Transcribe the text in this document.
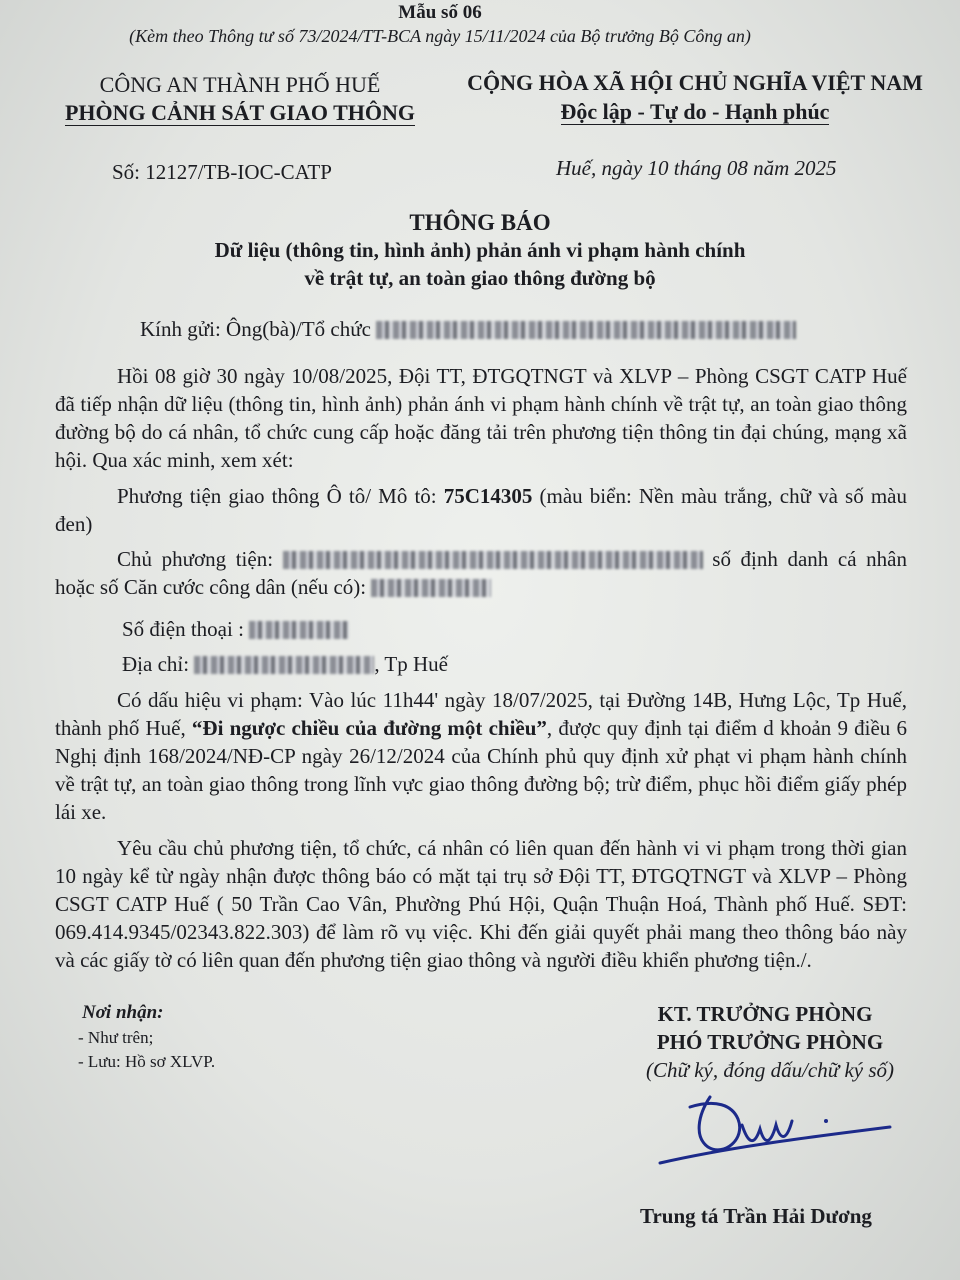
Mẫu số 06
(Kèm theo Thông tư số 73/2024/TT-BCA ngày 15/11/2024 của Bộ trưởng Bộ Công an)
CÔNG AN THÀNH PHỐ HUẾ
PHÒNG CẢNH SÁT GIAO THÔNG
CỘNG HÒA XÃ HỘI CHỦ NGHĨA VIỆT NAM
Độc lập - Tự do - Hạnh phúc
Số: 12127/TB-IOC-CATP	Huế, ngày 10 tháng 08 năm 2025
THÔNG BÁO
Dữ liệu (thông tin, hình ảnh) phản ánh vi phạm hành chính
về trật tự, an toàn giao thông đường bộ
Kính gửi: Ông(bà)/Tổ chức
Hồi 08 giờ 30 ngày 10/08/2025, Đội TT, ĐTGQTNGT và XLVP – Phòng CSGT CATP Huế đã tiếp nhận dữ liệu (thông tin, hình ảnh) phản ánh vi phạm hành chính về trật tự, an toàn giao thông đường bộ do cá nhân, tổ chức cung cấp hoặc đăng tải trên phương tiện thông tin đại chúng, mạng xã hội. Qua xác minh, xem xét:
Phương tiện giao thông Ô tô/ Mô tô: 75C14305 (màu biển: Nền màu trắng, chữ và số màu đen)
Chủ phương tiện:	số định danh cá nhân hoặc số Căn cước công dân (nếu có):
Số điện thoại :
Địa chỉ:	, Tp Huế
Có dấu hiệu vi phạm: Vào lúc 11h44' ngày 18/07/2025, tại Đường 14B, Hưng Lộc, Tp Huế, thành phố Huế, “Đi ngược chiều của đường một chiều”, được quy định tại điểm d khoản 9 điều 6 Nghị định 168/2024/NĐ-CP ngày 26/12/2024 của Chính phủ quy định xử phạt vi phạm hành chính về trật tự, an toàn giao thông trong lĩnh vực giao thông đường bộ; trừ điểm, phục hồi điểm giấy phép lái xe.
Yêu cầu chủ phương tiện, tổ chức, cá nhân có liên quan đến hành vi vi phạm trong thời gian 10 ngày kể từ ngày nhận được thông báo có mặt tại trụ sở Đội TT, ĐTGQTNGT và XLVP – Phòng CSGT CATP Huế ( 50 Trần Cao Vân, Phường Phú Hội, Quận Thuận Hoá, Thành phố Huế. SĐT: 069.414.9345/02343.822.303) để làm rõ vụ việc. Khi đến giải quyết phải mang theo thông báo này và các giấy tờ có liên quan đến phương tiện giao thông và người điều khiển phương tiện./.
Nơi nhận:
- Như trên;
- Lưu: Hồ sơ XLVP.
KT. TRƯỞNG PHÒNG
PHÓ TRƯỞNG PHÒNG
(Chữ ký, đóng dấu/chữ ký số)
Trung tá Trần Hải Dương
